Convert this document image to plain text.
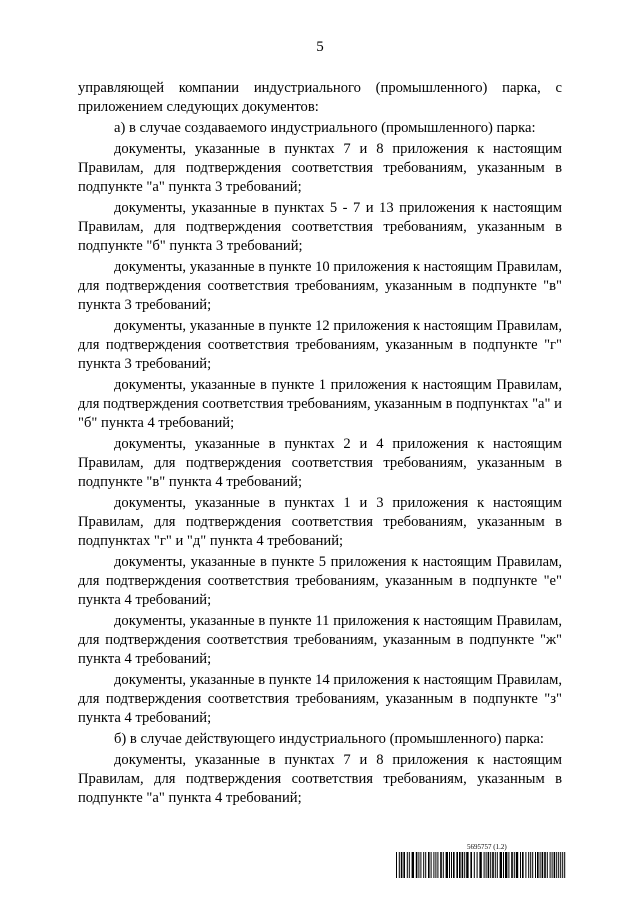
5

управляющей компании индустриального (промышленного) парка, с приложением следующих документов:

а) в случае создаваемого индустриального (промышленного) парка:

документы, указанные в пунктах 7 и 8 приложения к настоящим Правилам, для подтверждения соответствия требованиям, указанным в подпункте "а" пункта 3 требований;

документы, указанные в пунктах 5 - 7 и 13 приложения к настоящим Правилам, для подтверждения соответствия требованиям, указанным в подпункте "б" пункта 3 требований;

документы, указанные в пункте 10 приложения к настоящим Правилам, для подтверждения соответствия требованиям, указанным в подпункте "в" пункта 3 требований;

документы, указанные в пункте 12 приложения к настоящим Правилам, для подтверждения соответствия требованиям, указанным в подпункте "г" пункта 3 требований;

документы, указанные в пункте 1 приложения к настоящим Правилам, для подтверждения соответствия требованиям, указанным в подпунктах "а" и "б" пункта 4 требований;

документы, указанные в пунктах 2 и 4 приложения к настоящим Правилам, для подтверждения соответствия требованиям, указанным в подпункте "в" пункта 4 требований;

документы, указанные в пунктах 1 и 3 приложения к настоящим Правилам, для подтверждения соответствия требованиям, указанным в подпунктах "г" и "д" пункта 4 требований;

документы, указанные в пункте 5 приложения к настоящим Правилам, для подтверждения соответствия требованиям, указанным в подпункте "е" пункта 4 требований;

документы, указанные в пункте 11 приложения к настоящим Правилам, для подтверждения соответствия требованиям, указанным в подпункте "ж" пункта 4 требований;

документы, указанные в пункте 14 приложения к настоящим Правилам, для подтверждения соответствия требованиям, указанным в подпункте "з" пункта 4 требований;

б) в случае действующего индустриального (промышленного) парка:

документы, указанные в пунктах 7 и 8 приложения к настоящим Правилам, для подтверждения соответствия требованиям, указанным в подпункте "а" пункта 4 требований;

5695757 (1.2)
